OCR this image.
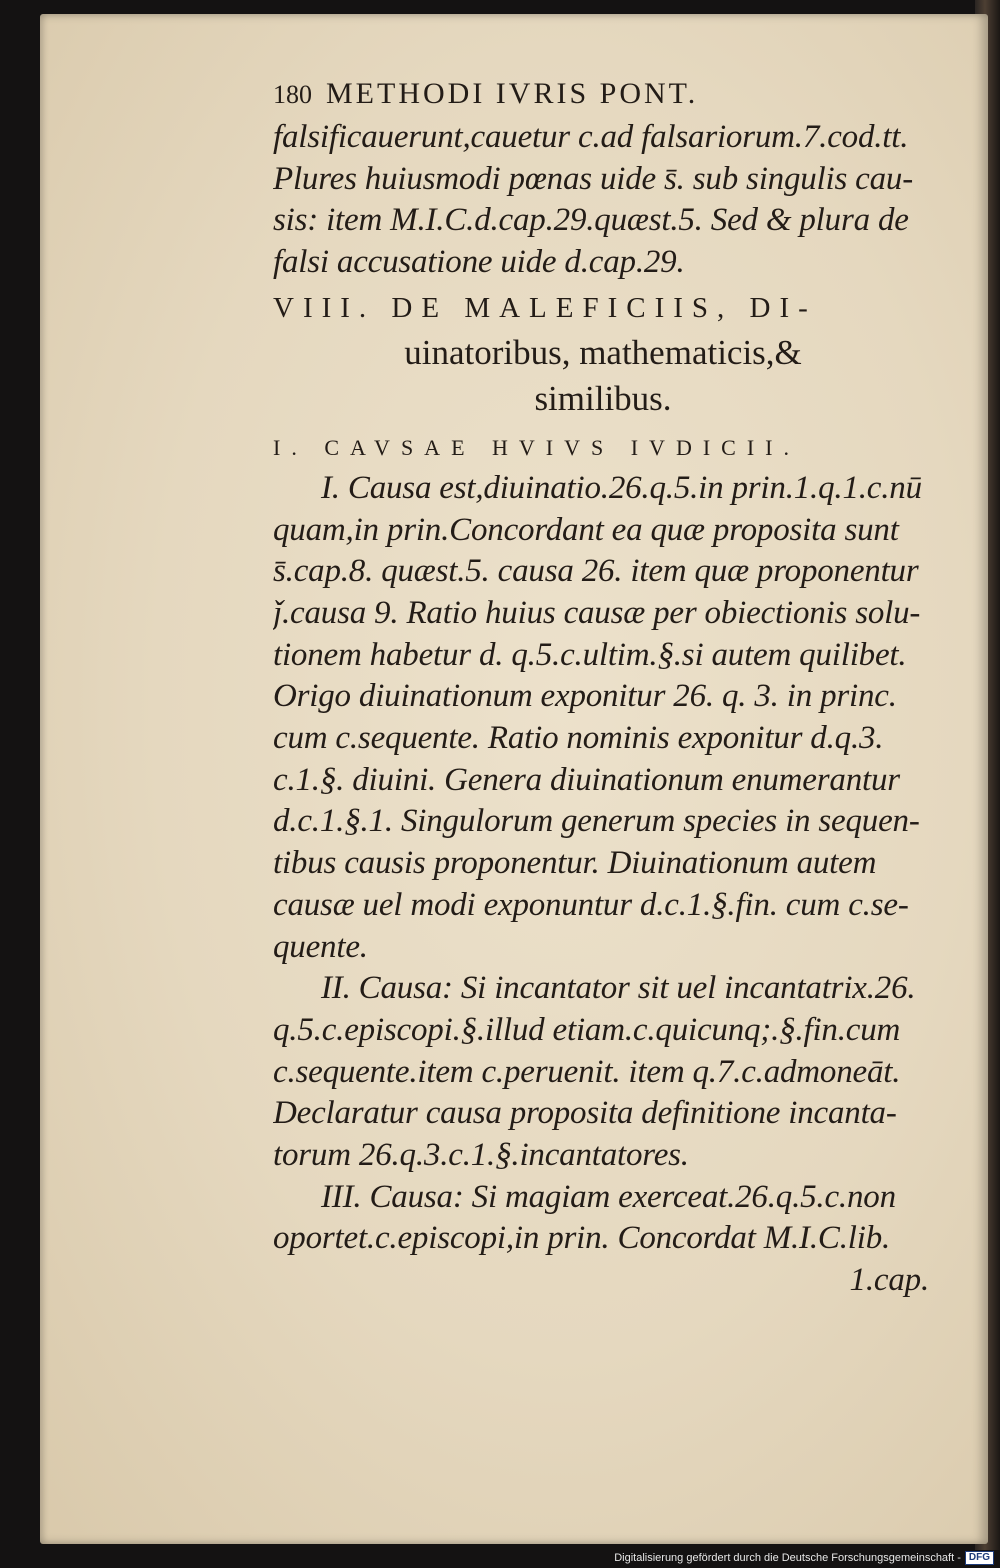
180 METHODI IVRIS PONT.
falsificauerunt,cauetur c.ad falsariorum.7.cod.tt.
Plures huiusmodi pœnas uide s̄. sub singulis cau-
sis: item M.I.C.d.cap.29.quæst.5. Sed & plura de
falsi accusatione uide d.cap.29.
VIII. DE MALEFICIIS, DI-
uinatoribus, mathematicis,&
similibus.
I. CAVSAE HVIVS IVDICII.
I. Causa est,diuinatio.26.q.5.in prin.1.q.1.c.nū
quam,in prin.Concordant ea quæ proposita sunt
s̄.cap.8. quæst.5. causa 26. item quæ proponentur
ǰ.causa 9. Ratio huius causæ per obiectionis solu-
tionem habetur d. q.5.c.ultim.§.si autem quilibet.
Origo diuinationum exponitur 26. q. 3. in princ.
cum c.sequente. Ratio nominis exponitur d.q.3.
c.1.§. diuini. Genera diuinationum enumerantur
d.c.1.§.1. Singulorum generum species in sequen-
tibus causis proponentur. Diuinationum autem
causæ uel modi exponuntur d.c.1.§.fin. cum c.se-
quente.
II. Causa: Si incantator sit uel incantatrix.26.
q.5.c.episcopi.§.illud etiam.c.quicunq;.§.fin.cum
c.sequente.item c.peruenit. item q.7.c.admoneāt.
Declaratur causa proposita definitione incanta-
torum 26.q.3.c.1.§.incantatores.
III. Causa: Si magiam exerceat.26.q.5.c.non
oportet.c.episcopi,in prin. Concordat M.I.C.lib.
1.cap.
Digitalisierung gefördert durch die Deutsche Forschungsgemeinschaft - DFG
